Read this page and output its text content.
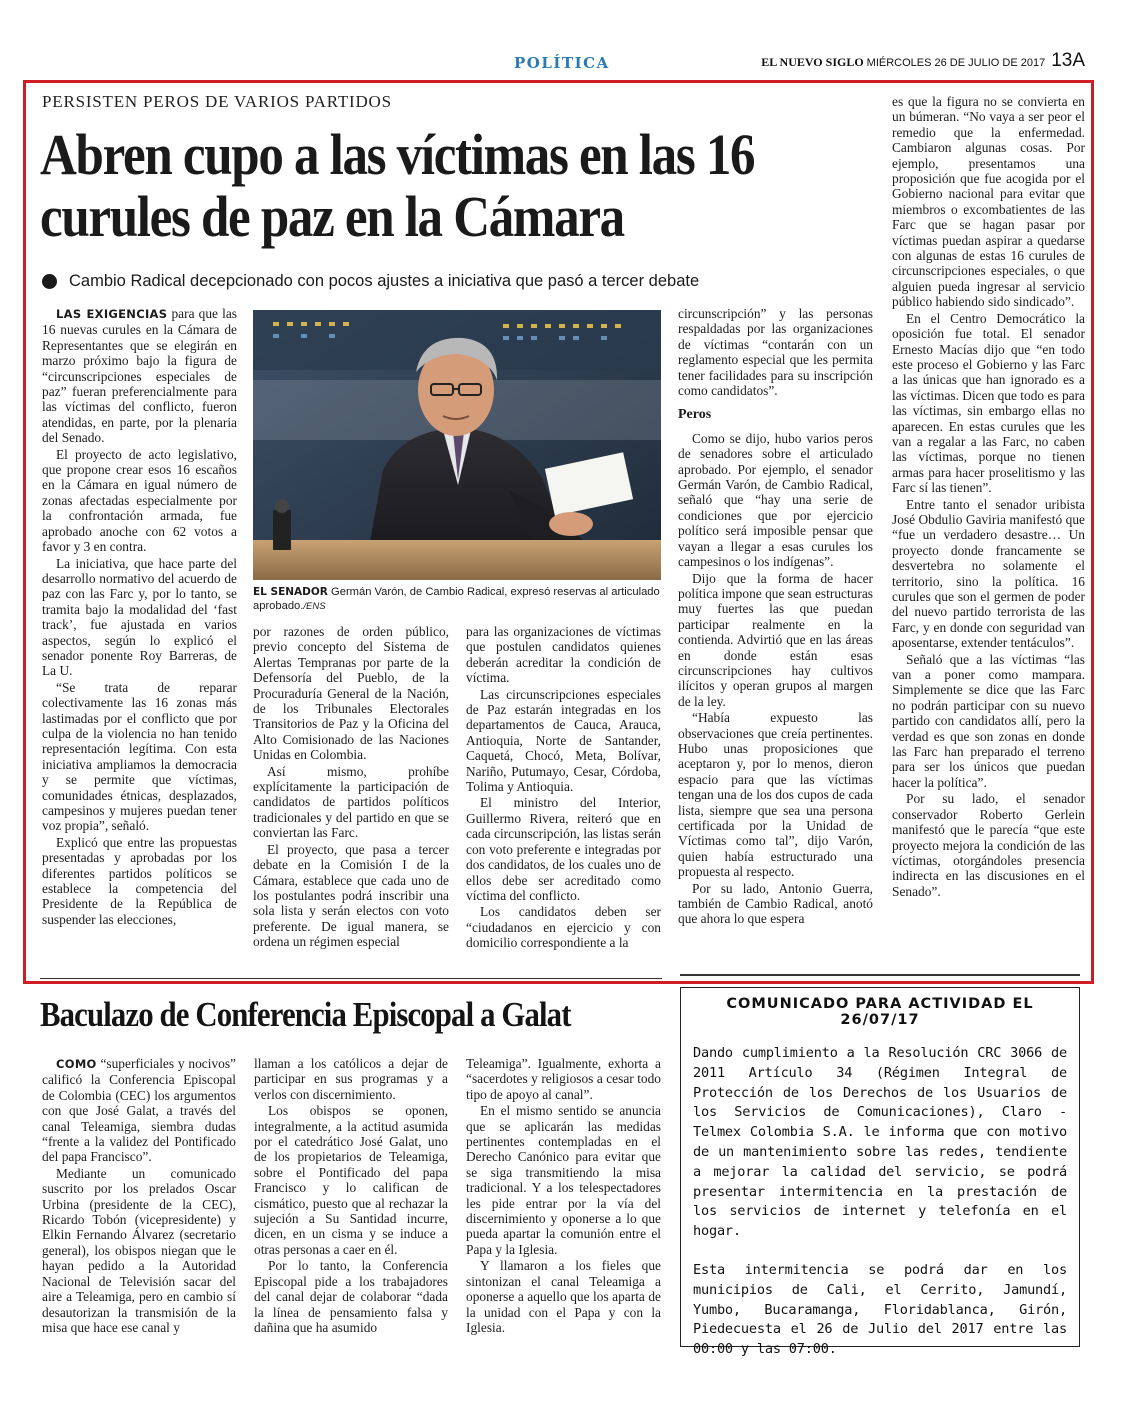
POLÍTICA	EL NUEVO SIGLO MIÉRCOLES 26 DE JULIO DE 2017 13A
PERSISTEN PEROS DE VARIOS PARTIDOS
Abren cupo a las víctimas en las 16 curules de paz en la Cámara
Cambio Radical decepcionado con pocos ajustes a iniciativa que pasó a tercer debate

LAS EXIGENCIAS para que las 16 nuevas curules en la Cámara de Representantes que se elegirán en marzo próximo bajo la figura de “circunscripciones especiales de paz” fueran preferencialmente para las víctimas del conflicto, fueron atendidas, en parte, por la plenaria del Senado.

El proyecto de acto legislativo, que propone crear esos 16 escaños en la Cámara en igual número de zonas afectadas especialmente por la confrontación armada, fue aprobado anoche con 62 votos a favor y 3 en contra.

La iniciativa, que hace parte del desarrollo normativo del acuerdo de paz con las Farc y, por lo tanto, se tramita bajo la modalidad del ‘fast track’, fue ajustada en varios aspectos, según lo explicó el senador ponente Roy Barreras, de La U.

“Se trata de reparar colectivamente las 16 zonas más lastimadas por el conflicto que por culpa de la violencia no han tenido representación legítima. Con esta iniciativa ampliamos la democracia y se permite que víctimas, comunidades étnicas, desplazados, campesinos y mujeres puedan tener voz propia”, señaló.

Explicó que entre las propuestas presentadas y aprobadas por los diferentes partidos políticos se establece la competencia del Presidente de la República de suspender las elecciones,

EL SENADOR Germán Varón, de Cambio Radical, expresó reservas al articulado aprobado./ENS

por razones de orden público, previo concepto del Sistema de Alertas Tempranas por parte de la Defensoría del Pueblo, de la Procuraduría General de la Nación, de los Tribunales Electorales Transitorios de Paz y la Oficina del Alto Comisionado de las Naciones Unidas en Colombia.

Así mismo, prohíbe explícitamente la participación de candidatos de partidos políticos tradicionales y del partido en que se conviertan las Farc.

El proyecto, que pasa a tercer debate en la Comisión I de la Cámara, establece que cada uno de los postulantes podrá inscribir una sola lista y serán electos con voto preferente. De igual manera, se ordena un régimen especial

para las organizaciones de víctimas que postulen candidatos quienes deberán acreditar la condición de víctima.

Las circunscripciones especiales de Paz estarán integradas en los departamentos de Cauca, Arauca, Antioquia, Norte de Santander, Caquetá, Chocó, Meta, Bolívar, Nariño, Putumayo, Cesar, Córdoba, Tolima y Antioquia.

El ministro del Interior, Guillermo Rivera, reiteró que en cada circunscripción, las listas serán con voto preferente e integradas por dos candidatos, de los cuales uno de ellos debe ser acreditado como víctima del conflicto.

Los candidatos deben ser “ciudadanos en ejercicio y con domicilio correspondiente a la

circunscripción” y las personas respaldadas por las organizaciones de víctimas “contarán con un reglamento especial que les permita tener facilidades para su inscripción como candidatos”.

Peros

Como se dijo, hubo varios peros de senadores sobre el articulado aprobado. Por ejemplo, el senador Germán Varón, de Cambio Radical, señaló que “hay una serie de condiciones que por ejercicio político será imposible pensar que vayan a llegar a esas curules los campesinos o los indígenas”.

Dijo que la forma de hacer política impone que sean estructuras muy fuertes las que puedan participar realmente en la contienda. Advirtió que en las áreas en donde están esas circunscripciones hay cultivos ilícitos y operan grupos al margen de la ley.

“Había expuesto las observaciones que creía pertinentes. Hubo unas proposiciones que aceptaron y, por lo menos, dieron espacio para que las víctimas tengan una de los dos cupos de cada lista, siempre que sea una persona certificada por la Unidad de Víctimas como tal”, dijo Varón, quien había estructurado una propuesta al respecto.

Por su lado, Antonio Guerra, también de Cambio Radical, anotó que ahora lo que espera

es que la figura no se convierta en un búmeran. “No vaya a ser peor el remedio que la enfermedad. Cambiaron algunas cosas. Por ejemplo, presentamos una proposición que fue acogida por el Gobierno nacional para evitar que miembros o excombatientes de las Farc que se hagan pasar por víctimas puedan aspirar a quedarse con algunas de estas 16 curules de circunscripciones especiales, o que alguien pueda ingresar al servicio público habiendo sido sindicado”.

En el Centro Democrático la oposición fue total. El senador Ernesto Macías dijo que “en todo este proceso el Gobierno y las Farc a las únicas que han ignorado es a las víctimas. Dicen que todo es para las víctimas, sin embargo ellas no aparecen. En estas curules que les van a regalar a las Farc, no caben las víctimas, porque no tienen armas para hacer proselitismo y las Farc sí las tienen”.

Entre tanto el senador uribista José Obdulio Gaviria manifestó que “fue un verdadero desastre… Un proyecto donde francamente se desvertebra no solamente el territorio, sino la política. 16 curules que son el germen de poder del nuevo partido terrorista de las Farc, y en donde con seguridad van aposentarse, extender tentáculos”.

Señaló que a las víctimas “las van a poner como mampara. Simplemente se dice que las Farc no podrán participar con su nuevo partido con candidatos allí, pero la verdad es que son zonas en donde las Farc han preparado el terreno para ser los únicos que puedan hacer la política”.

Por su lado, el senador conservador Roberto Gerlein manifestó que le parecía “que este proyecto mejora la condición de las víctimas, otorgándoles presencia indirecta en las discusiones en el Senado”.

Baculazo de Conferencia Episcopal a Galat

COMO “superficiales y nocivos” calificó la Conferencia Episcopal de Colombia (CEC) los argumentos con que José Galat, a través del canal Teleamiga, siembra dudas “frente a la validez del Pontificado del papa Francisco”.

Mediante un comunicado suscrito por los prelados Oscar Urbina (presidente de la CEC), Ricardo Tobón (vicepresidente) y Elkin Fernando Álvarez (secretario general), los obispos niegan que le hayan pedido a la Autoridad Nacional de Televisión sacar del aire a Teleamiga, pero en cambio sí desautorizan la transmisión de la misa que hace ese canal y

llaman a los católicos a dejar de participar en sus programas y a verlos con discernimiento.

Los obispos se oponen, integralmente, a la actitud asumida por el catedrático José Galat, uno de los propietarios de Teleamiga, sobre el Pontificado del papa Francisco y lo califican de cismático, puesto que al rechazar la sujeción a Su Santidad incurre, dicen, en un cisma y se induce a otras personas a caer en él.

Por lo tanto, la Conferencia Episcopal pide a los trabajadores del canal dejar de colaborar “dada la línea de pensamiento falsa y dañina que ha asumido

Teleamiga”. Igualmente, exhorta a “sacerdotes y religiosos a cesar todo tipo de apoyo al canal”.

En el mismo sentido se anuncia que se aplicarán las medidas pertinentes contempladas en el Derecho Canónico para evitar que se siga transmitiendo la misa tradicional. Y a los telespectadores les pide entrar por la vía del discernimiento y oponerse a lo que pueda apartar la comunión entre el Papa y la Iglesia.

Y llamaron a los fieles que sintonizan el canal Teleamiga a oponerse a aquello que los aparta de la unidad con el Papa y con la Iglesia.

COMUNICADO PARA ACTIVIDAD EL 26/07/17

Dando cumplimiento a la Resolución CRC 3066 de 2011 Artículo 34 (Régimen Integral de Protección de los Derechos de los Usuarios de los Servicios de Comunicaciones), Claro - Telmex Colombia S.A. le informa que con motivo de un mantenimiento sobre las redes, tendiente a mejorar la calidad del servicio, se podrá presentar intermitencia en la prestación de los servicios de internet y telefonía en el hogar.

Esta intermitencia se podrá dar en los municipios de Cali, el Cerrito, Jamundí, Yumbo, Bucaramanga, Floridablanca, Girón, Piedecuesta el 26 de Julio del 2017 entre las 00:00 y las 07:00.
